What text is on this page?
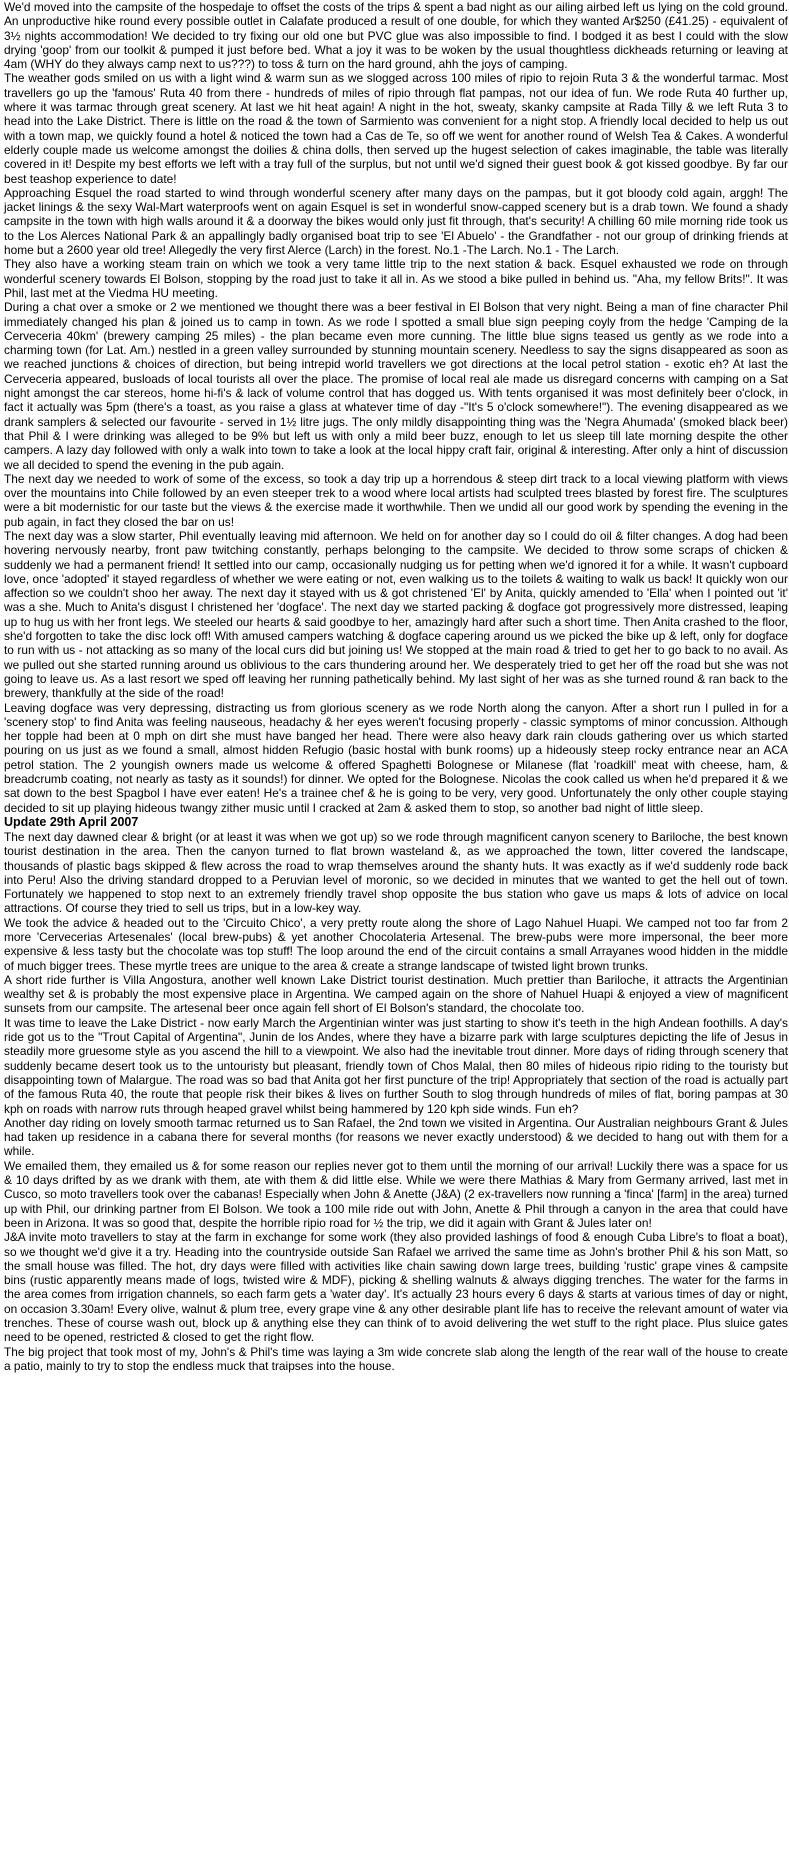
We'd moved into the campsite of the hospedaje to offset the costs of the trips & spent a bad night as our ailing airbed left us lying on the cold ground. An unproductive hike round every possible outlet in Calafate produced a result of one double, for which they wanted Ar$250 (£41.25) - equivalent of 3½ nights accommodation! We decided to try fixing our old one but PVC glue was also impossible to find. I bodged it as best I could with the slow drying 'goop' from our toolkit & pumped it just before bed. What a joy it was to be woken by the usual thoughtless dickheads returning or leaving at 4am (WHY do they always camp next to us???) to toss & turn on the hard ground, ahh the joys of camping.

The weather gods smiled on us with a light wind & warm sun as we slogged across 100 miles of ripio to rejoin Ruta 3 & the wonderful tarmac. Most travellers go up the 'famous' Ruta 40 from there - hundreds of miles of ripio through flat pampas, not our idea of fun. We rode Ruta 40 further up, where it was tarmac through great scenery. At last we hit heat again! A night in the hot, sweaty, skanky campsite at Rada Tilly & we left Ruta 3 to head into the Lake District. There is little on the road & the town of Sarmiento was convenient for a night stop. A friendly local decided to help us out with a town map, we quickly found a hotel & noticed the town had a Cas de Te, so off we went for another round of Welsh Tea & Cakes. A wonderful elderly couple made us welcome amongst the doilies & china dolls, then served up the hugest selection of cakes imaginable, the table was literally covered in it! Despite my best efforts we left with a tray full of the surplus, but not until we'd signed their guest book & got kissed goodbye. By far our best teashop experience to date!

Approaching Esquel the road started to wind through wonderful scenery after many days on the pampas, but it got bloody cold again, arggh! The jacket linings & the sexy Wal-Mart waterproofs went on again Esquel is set in wonderful snow-capped scenery but is a drab town. We found a shady campsite in the town with high walls around it & a doorway the bikes would only just fit through, that's security! A chilling 60 mile morning ride took us to the Los Alerces National Park & an appallingly badly organised boat trip to see 'El Abuelo' - the Grandfather - not our group of drinking friends at home but a 2600 year old tree! Allegedly the very first Alerce (Larch) in the forest. No.1 -The Larch. No.1 - The Larch.

They also have a working steam train on which we took a very tame little trip to the next station & back. Esquel exhausted we rode on through wonderful scenery towards El Bolson, stopping by the road just to take it all in. As we stood a bike pulled in behind us. "Aha, my fellow Brits!". It was Phil, last met at the Viedma HU meeting.

During a chat over a smoke or 2 we mentioned we thought there was a beer festival in El Bolson that very night. Being a man of fine character Phil immediately changed his plan & joined us to camp in town. As we rode I spotted a small blue sign peeping coyly from the hedge 'Camping de la Cerveceria 40km' (brewery camping 25 miles) - the plan became even more cunning. The little blue signs teased us gently as we rode into a charming town (for Lat. Am.) nestled in a green valley surrounded by stunning mountain scenery. Needless to say the signs disappeared as soon as we reached junctions & choices of direction, but being intrepid world travellers we got directions at the local petrol station - exotic eh? At last the Cerveceria appeared, busloads of local tourists all over the place. The promise of local real ale made us disregard concerns with camping on a Sat night amongst the car stereos, home hi-fi's & lack of volume control that has dogged us. With tents organised it was most definitely beer o'clock, in fact it actually was 5pm (there's a toast, as you raise a glass at whatever time of day -"It's 5 o'clock somewhere!"). The evening disappeared as we drank samplers & selected our favourite - served in 1½ litre jugs. The only mildly disappointing thing was the 'Negra Ahumada' (smoked black beer) that Phil & I were drinking was alleged to be 9% but left us with only a mild beer buzz, enough to let us sleep till late morning despite the other campers. A lazy day followed with only a walk into town to take a look at the local hippy craft fair, original & interesting. After only a hint of discussion we all decided to spend the evening in the pub again.

The next day we needed to work of some of the excess, so took a day trip up a horrendous & steep dirt track to a local viewing platform with views over the mountains into Chile followed by an even steeper trek to a wood where local artists had sculpted trees blasted by forest fire. The sculptures were a bit modernistic for our taste but the views & the exercise made it worthwhile. Then we undid all our good work by spending the evening in the pub again, in fact they closed the bar on us!

The next day was a slow starter, Phil eventually leaving mid afternoon. We held on for another day so I could do oil & filter changes. A dog had been hovering nervously nearby, front paw twitching constantly, perhaps belonging to the campsite. We decided to throw some scraps of chicken & suddenly we had a permanent friend! It settled into our camp, occasionally nudging us for petting when we'd ignored it for a while. It wasn't cupboard love, once 'adopted' it stayed regardless of whether we were eating or not, even walking us to the toilets & waiting to walk us back! It quickly won our affection so we couldn't shoo her away. The next day it stayed with us & got christened 'El' by Anita, quickly amended to 'Ella' when I pointed out 'it' was a she. Much to Anita's disgust I christened her 'dogface'. The next day we started packing & dogface got progressively more distressed, leaping up to hug us with her front legs. We steeled our hearts & said goodbye to her, amazingly hard after such a short time. Then Anita crashed to the floor, she'd forgotten to take the disc lock off! With amused campers watching & dogface capering around us we picked the bike up & left, only for dogface to run with us - not attacking as so many of the local curs did but joining us! We stopped at the main road & tried to get her to go back to no avail. As we pulled out she started running around us oblivious to the cars thundering around her. We desperately tried to get her off the road but she was not going to leave us. As a last resort we sped off leaving her running pathetically behind. My last sight of her was as she turned round & ran back to the brewery, thankfully at the side of the road!

Leaving dogface was very depressing, distracting us from glorious scenery as we rode North along the canyon. After a short run I pulled in for a 'scenery stop' to find Anita was feeling nauseous, headachy & her eyes weren't focusing properly - classic symptoms of minor concussion. Although her topple had been at 0 mph on dirt she must have banged her head. There were also heavy dark rain clouds gathering over us which started pouring on us just as we found a small, almost hidden Refugio (basic hostal with bunk rooms) up a hideously steep rocky entrance near an ACA petrol station. The 2 youngish owners made us welcome & offered Spaghetti Bolognese or Milanese (flat 'roadkill' meat with cheese, ham, & breadcrumb coating, not nearly as tasty as it sounds!) for dinner. We opted for the Bolognese. Nicolas the cook called us when he'd prepared it & we sat down to the best Spagbol I have ever eaten! He's a trainee chef & he is going to be very, very good. Unfortunately the only other couple staying decided to sit up playing hideous twangy zither music until I cracked at 2am & asked them to stop, so another bad night of little sleep.

Update 29th April 2007

The next day dawned clear & bright (or at least it was when we got up) so we rode through magnificent canyon scenery to Bariloche, the best known tourist destination in the area. Then the canyon turned to flat brown wasteland &, as we approached the town, litter covered the landscape, thousands of plastic bags skipped & flew across the road to wrap themselves around the shanty huts. It was exactly as if we'd suddenly rode back into Peru! Also the driving standard dropped to a Peruvian level of moronic, so we decided in minutes that we wanted to get the hell out of town. Fortunately we happened to stop next to an extremely friendly travel shop opposite the bus station who gave us maps & lots of advice on local attractions. Of course they tried to sell us trips, but in a low-key way.

We took the advice & headed out to the 'Circuito Chico', a very pretty route along the shore of Lago Nahuel Huapi. We camped not too far from 2 more 'Cervecerias Artesenales' (local brew-pubs) & yet another Chocolateria Artesenal. The brew-pubs were more impersonal, the beer more expensive & less tasty but the chocolate was top stuff! The loop around the end of the circuit contains a small Arrayanes wood hidden in the middle of much bigger trees. These myrtle trees are unique to the area & create a strange landscape of twisted light brown trunks.

A short ride further is Villa Angostura, another well known Lake District tourist destination. Much prettier than Bariloche, it attracts the Argentinian wealthy set & is probably the most expensive place in Argentina. We camped again on the shore of Nahuel Huapi & enjoyed a view of magnificent sunsets from our campsite. The artesenal beer once again fell short of El Bolson's standard, the chocolate too.

It was time to leave the Lake District - now early March the Argentinian winter was just starting to show it's teeth in the high Andean foothills. A day's ride got us to the "Trout Capital of Argentina", Junin de los Andes, where they have a bizarre park with large sculptures depicting the life of Jesus in steadily more gruesome style as you ascend the hill to a viewpoint. We also had the inevitable trout dinner. More days of riding through scenery that suddenly became desert took us to the untouristy but pleasant, friendly town of Chos Malal, then 80 miles of hideous ripio riding to the touristy but disappointing town of Malargue. The road was so bad that Anita got her first puncture of the trip! Appropriately that section of the road is actually part of the famous Ruta 40, the route that people risk their bikes & lives on further South to slog through hundreds of miles of flat, boring pampas at 30 kph on roads with narrow ruts through heaped gravel whilst being hammered by 120 kph side winds. Fun eh?

Another day riding on lovely smooth tarmac returned us to San Rafael, the 2nd town we visited in Argentina. Our Australian neighbours Grant & Jules had taken up residence in a cabana there for several months (for reasons we never exactly understood) & we decided to hang out with them for a while.

We emailed them, they emailed us & for some reason our replies never got to them until the morning of our arrival! Luckily there was a space for us & 10 days drifted by as we drank with them, ate with them & did little else. While we were there Mathias & Mary from Germany arrived, last met in Cusco, so moto travellers took over the cabanas! Especially when John & Anette (J&A) (2 ex-travellers now running a 'finca' [farm] in the area) turned up with Phil, our drinking partner from El Bolson. We took a 100 mile ride out with John, Anette & Phil through a canyon in the area that could have been in Arizona. It was so good that, despite the horrible ripio road for ½ the trip, we did it again with Grant & Jules later on!

J&A invite moto travellers to stay at the farm in exchange for some work (they also provided lashings of food & enough Cuba Libre's to float a boat), so we thought we'd give it a try. Heading into the countryside outside San Rafael we arrived the same time as John's brother Phil & his son Matt, so the small house was filled. The hot, dry days were filled with activities like chain sawing down large trees, building 'rustic' grape vines & campsite bins (rustic apparently means made of logs, twisted wire & MDF), picking & shelling walnuts & always digging trenches. The water for the farms in the area comes from irrigation channels, so each farm gets a 'water day'. It's actually 23 hours every 6 days & starts at various times of day or night, on occasion 3.30am! Every olive, walnut & plum tree, every grape vine & any other desirable plant life has to receive the relevant amount of water via trenches. These of course wash out, block up & anything else they can think of to avoid delivering the wet stuff to the right place. Plus sluice gates need to be opened, restricted & closed to get the right flow.

The big project that took most of my, John's & Phil's time was laying a 3m wide concrete slab along the length of the rear wall of the house to create a patio, mainly to try to stop the endless muck that traipses into the house.
